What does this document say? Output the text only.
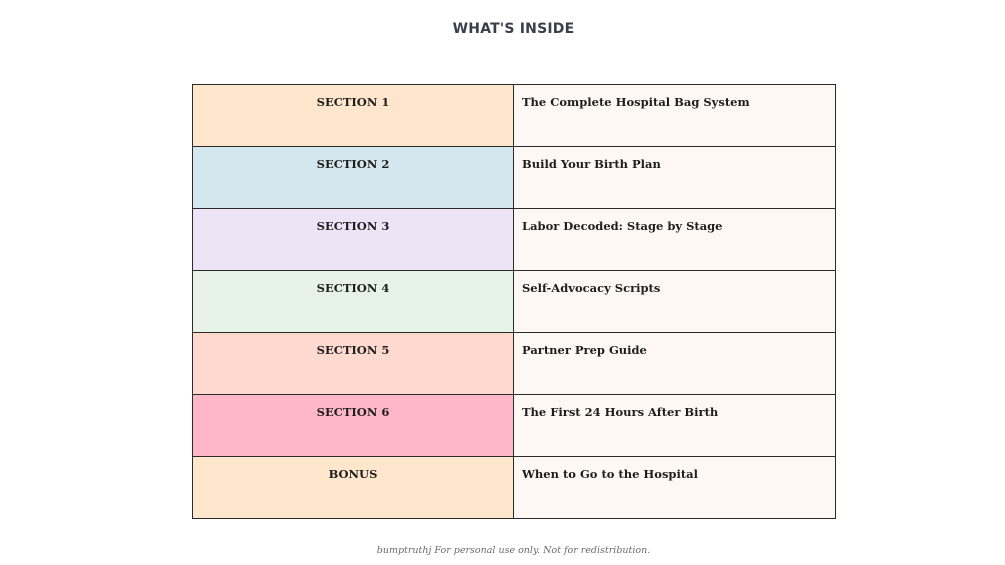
WHAT'S INSIDE
SECTION 1	The Complete Hospital Bag System

SECTION 2	Build Your Birth Plan

SECTION 3	Labor Decoded: Stage by Stage

SECTION 4	Self-Advocacy Scripts

SECTION 5	Partner Prep Guide

SECTION 6	The First 24 Hours After Birth

BONUS	When to Go to the Hospital
bumptruthj For personal use only. Not for redistribution.
